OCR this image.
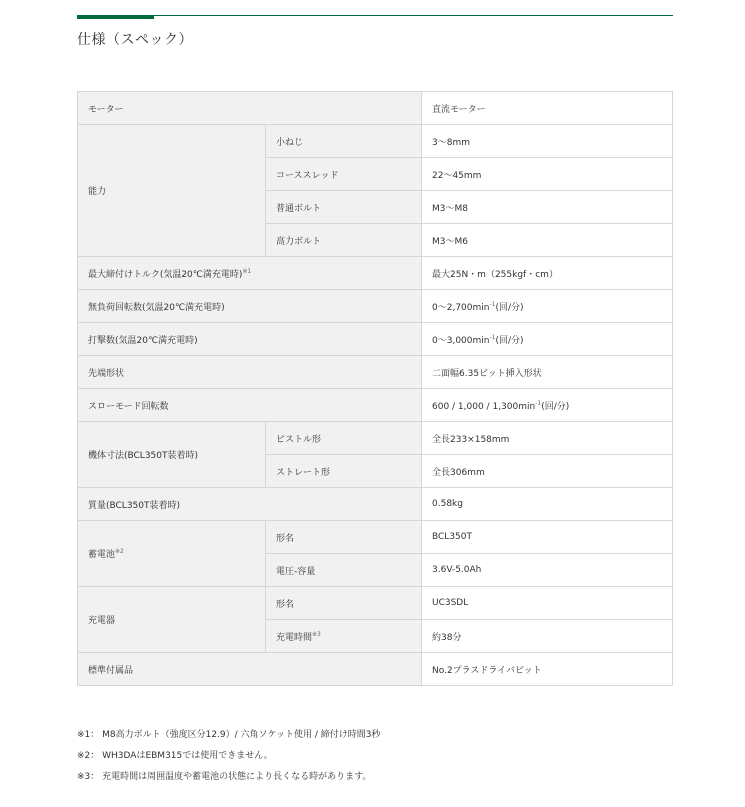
仕様（スペック）
モーター		直流モーター
能力	小ねじ	3～8mm
	コーススレッド	22～45mm
	普通ボルト	M3～M8
	高力ボルト	M3～M6
最大締付けトルク(気温20℃満充電時)$^{※1}$		最大25N・m（255kgf・cm）
無負荷回転数(気温20℃満充電時)		$0\sim 2,700\min^{-1}$(回/分)
打撃数(気温20℃満充電時)		$0\sim 3,000\min^{-1}$(回/分)
先端形状		二面幅6.35ビット挿入形状
スローモード回転数		$600 / 1,000 / 1,300\min^{-1}$(回/分)
機体寸法(BCL350T装着時)	ピストル形	全長233×158mm
	ストレート形	全長306mm
質量(BCL350T装着時)		0.58kg
蓄電池$^{※2}$	形名	BCL350T
	電圧-容量	3.6V-5.0Ah
充電器	形名	UC3SDL
	充電時間$^{※3}$	約38分
標準付属品		No.2プラスドライバビット
※1： M8高力ボルト（強度区分12.9）/ 六角ソケット使用 / 締付け時間3秒
※2： WH3DAはEBM315では使用できません。
※3： 充電時間は周囲温度や蓄電池の状態により長くなる時があります。
